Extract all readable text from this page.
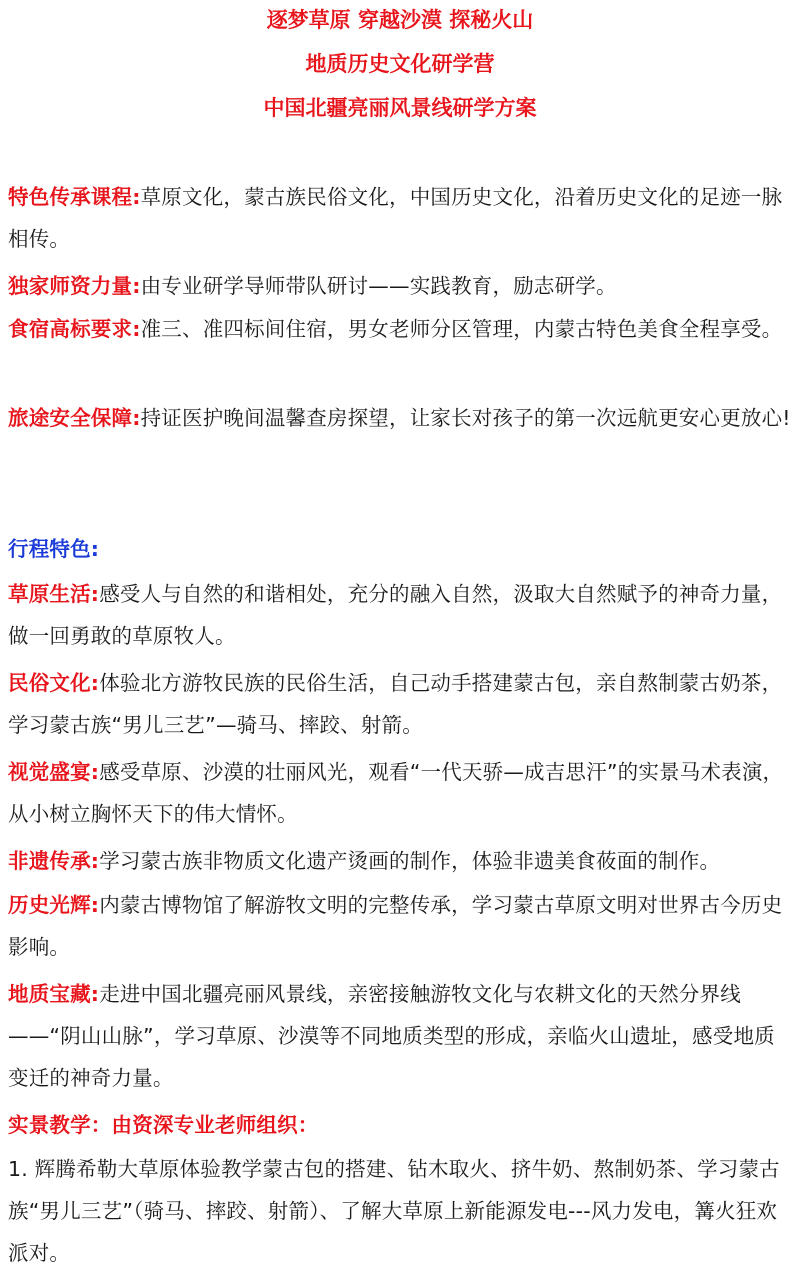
逐梦草原 穿越沙漠 探秘火山
地质历史文化研学营
中国北疆亮丽风景线研学方案
特色传承课程:草原文化，蒙古族民俗文化，中国历史文化，沿着历史文化的足迹一脉相传。
独家师资力量:由专业研学导师带队研讨——实践教育，励志研学。
食宿高标要求:准三、准四标间住宿，男女老师分区管理，内蒙古特色美食全程享受。
旅途安全保障:持证医护晚间温馨查房探望，让家长对孩子的第一次远航更安心更放心!
行程特色:
草原生活:感受人与自然的和谐相处，充分的融入自然，汲取大自然赋予的神奇力量，做一回勇敢的草原牧人。
民俗文化:体验北方游牧民族的民俗生活，自己动手搭建蒙古包，亲自熬制蒙古奶茶，学习蒙古族“男儿三艺”—骑马、摔跤、射箭。
视觉盛宴:感受草原、沙漠的壮丽风光，观看“一代天骄—成吉思汗”的实景马术表演，从小树立胸怀天下的伟大情怀。
非遗传承:学习蒙古族非物质文化遗产烫画的制作，体验非遗美食莜面的制作。
历史光辉:内蒙古博物馆了解游牧文明的完整传承，学习蒙古草原文明对世界古今历史影响。
地质宝藏:走进中国北疆亮丽风景线，亲密接触游牧文化与农耕文化的天然分界线——“阴山山脉”，学习草原、沙漠等不同地质类型的形成，亲临火山遗址，感受地质变迁的神奇力量。
实景教学：由资深专业老师组织：
1. 辉腾希勒大草原体验教学蒙古包的搭建、钻木取火、挤牛奶、熬制奶茶、学习蒙古族“男儿三艺”（骑马、摔跤、射箭）、了解大草原上新能源发电---风力发电，篝火狂欢派对。
